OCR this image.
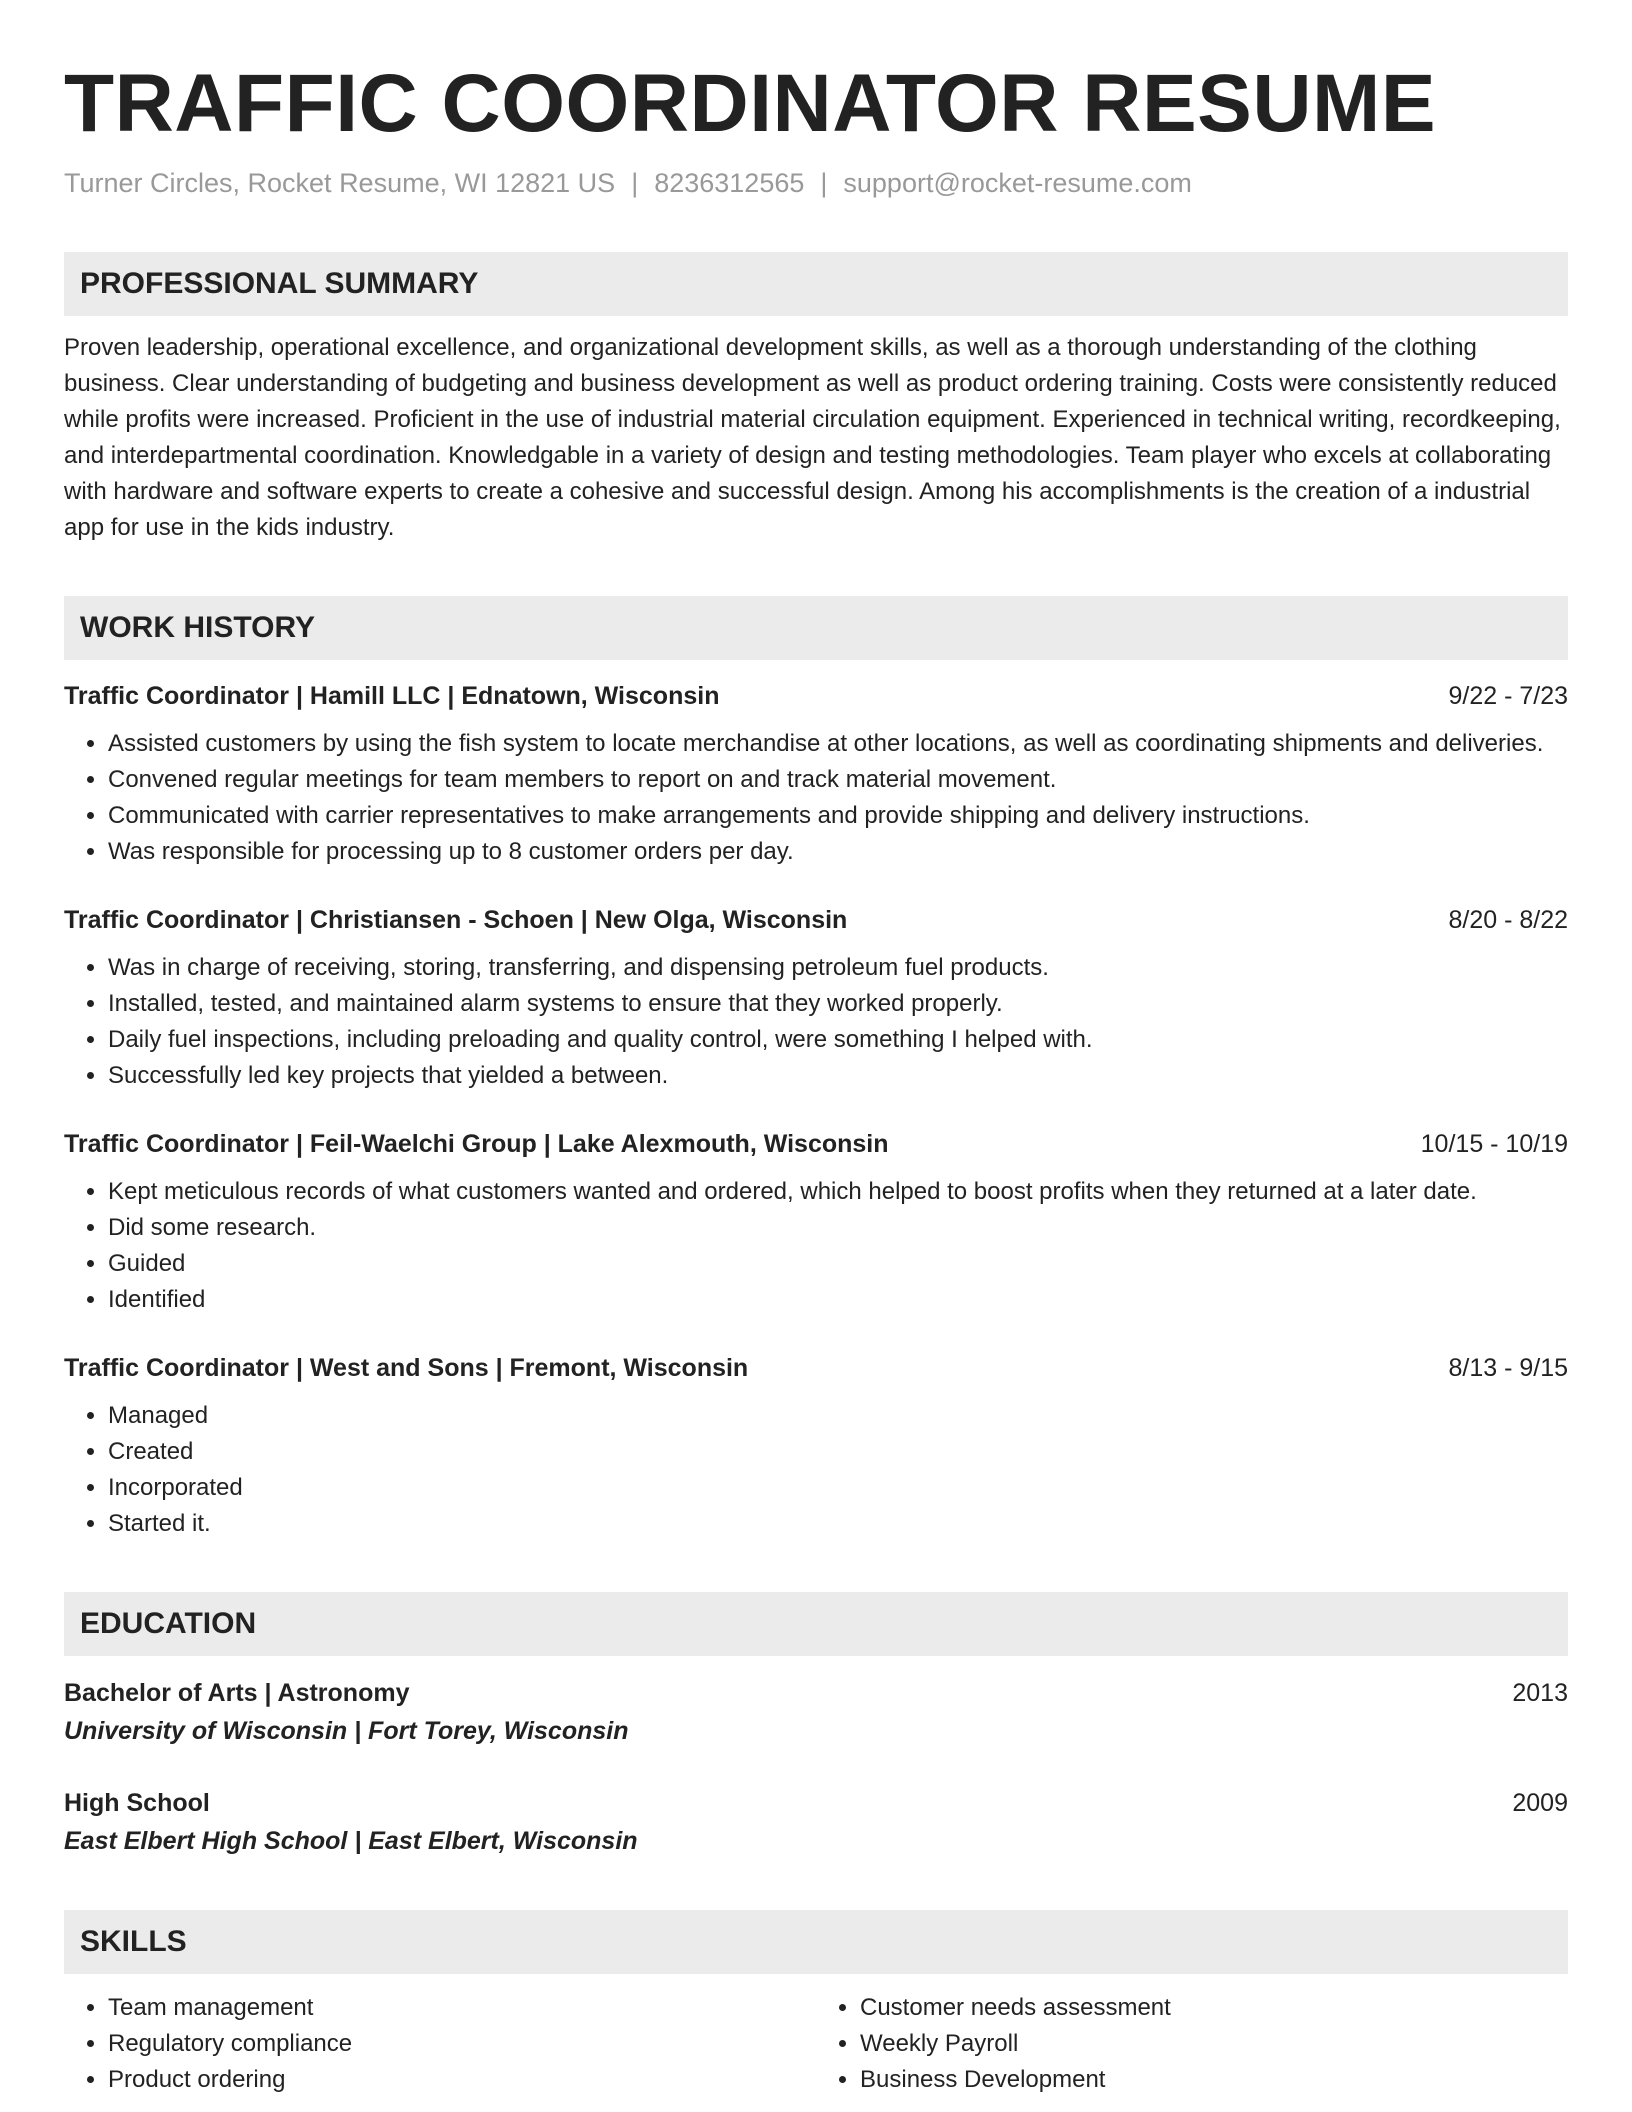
TRAFFIC COORDINATOR RESUME
Turner Circles, Rocket Resume, WI 12821 US | 8236312565 | support@rocket-resume.com
PROFESSIONAL SUMMARY
Proven leadership, operational excellence, and organizational development skills, as well as a thorough understanding of the clothing business. Clear understanding of budgeting and business development as well as product ordering training. Costs were consistently reduced while profits were increased. Proficient in the use of industrial material circulation equipment. Experienced in technical writing, recordkeeping, and interdepartmental coordination. Knowledgable in a variety of design and testing methodologies. Team player who excels at collaborating with hardware and software experts to create a cohesive and successful design. Among his accomplishments is the creation of a industrial app for use in the kids industry.
WORK HISTORY
Traffic Coordinator | Hamill LLC | Ednatown, Wisconsin	9/22 - 7/23
• Assisted customers by using the fish system to locate merchandise at other locations, as well as coordinating shipments and deliveries.
• Convened regular meetings for team members to report on and track material movement.
• Communicated with carrier representatives to make arrangements and provide shipping and delivery instructions.
• Was responsible for processing up to 8 customer orders per day.
Traffic Coordinator | Christiansen - Schoen | New Olga, Wisconsin	8/20 - 8/22
• Was in charge of receiving, storing, transferring, and dispensing petroleum fuel products.
• Installed, tested, and maintained alarm systems to ensure that they worked properly.
• Daily fuel inspections, including preloading and quality control, were something I helped with.
• Successfully led key projects that yielded a between.
Traffic Coordinator | Feil-Waelchi Group | Lake Alexmouth, Wisconsin	10/15 - 10/19
• Kept meticulous records of what customers wanted and ordered, which helped to boost profits when they returned at a later date.
• Did some research.
• Guided
• Identified
Traffic Coordinator | West and Sons | Fremont, Wisconsin	8/13 - 9/15
• Managed
• Created
• Incorporated
• Started it.
EDUCATION
Bachelor of Arts | Astronomy	2013
University of Wisconsin | Fort Torey, Wisconsin
High School	2009
East Elbert High School | East Elbert, Wisconsin
SKILLS
• Team management
• Regulatory compliance
• Product ordering
• Customer needs assessment
• Weekly Payroll
• Business Development
